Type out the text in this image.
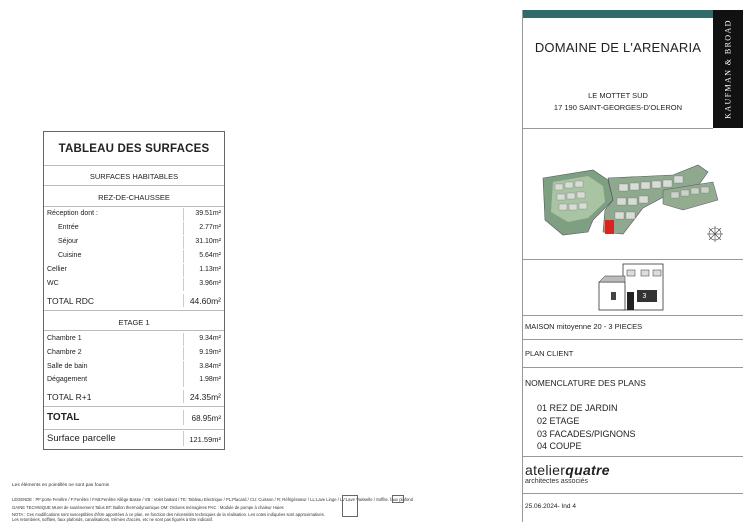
TABLEAU DES SURFACES
SURFACES HABITABLES
REZ-DE-CHAUSSEE
Réception dont :	39.51m²
Entrée	2.77m²
Séjour	31.10m²
Cuisine	5.64m²
Cellier	1.13m²
WC	3.96m²
TOTAL RDC	44.60m²
ETAGE 1
Chambre 1	9.34m²
Chambre 2	9.19m²
Salle de bain	3.84m²
Dégagement	1.98m²
TOTAL R+1	24.35m²
TOTAL	68.95m²
Surface parcelle	121.59m²
KAUFMAN & BROAD
DOMAINE DE L'ARENARIA
LE MOTTET SUD
17 190 SAINT-GEORGES-D'OLERON
MAISON mitoyenne 20 - 3 PIECES
PLAN CLIENT
NOMENCLATURE DES PLANS
01 REZ DE JARDIN
02 ETAGE
03 FACADES/PIGNONS
04 COUPE
atelierquatre
architectes associés
25.06.2024- Ind 4
3
Les éléments en pointillés ne sont pas fournis
LEGENDE : PF:porte Fenêtre / F:Fenêtre / FAB:Fenêtre Allège Basse / VB : Volet battant / TE: Tableau Electrique / PL:Placard / CU: Cuisson / R: Réfrigérateur / LL:Lave Linge / LV:Lave Vaisselle / Soffite. faux plafond
GAINE TECHNIQUE Muret de soutènement Talus BT: Ballon thermodynamique OM: Ordures ménagères PAC : Module de pompe à chaleur Haies
NOTA : Ces modifications sont susceptibles d'être apportées à ce plan, en fonction des nécessités techniques de la réalisation. Les cotes indiquées sont approximatives.
Les retombées, soffites, faux plafonds, canalisations, trémies d'accès, etc ne sont pas figurés à titre indicatif.
